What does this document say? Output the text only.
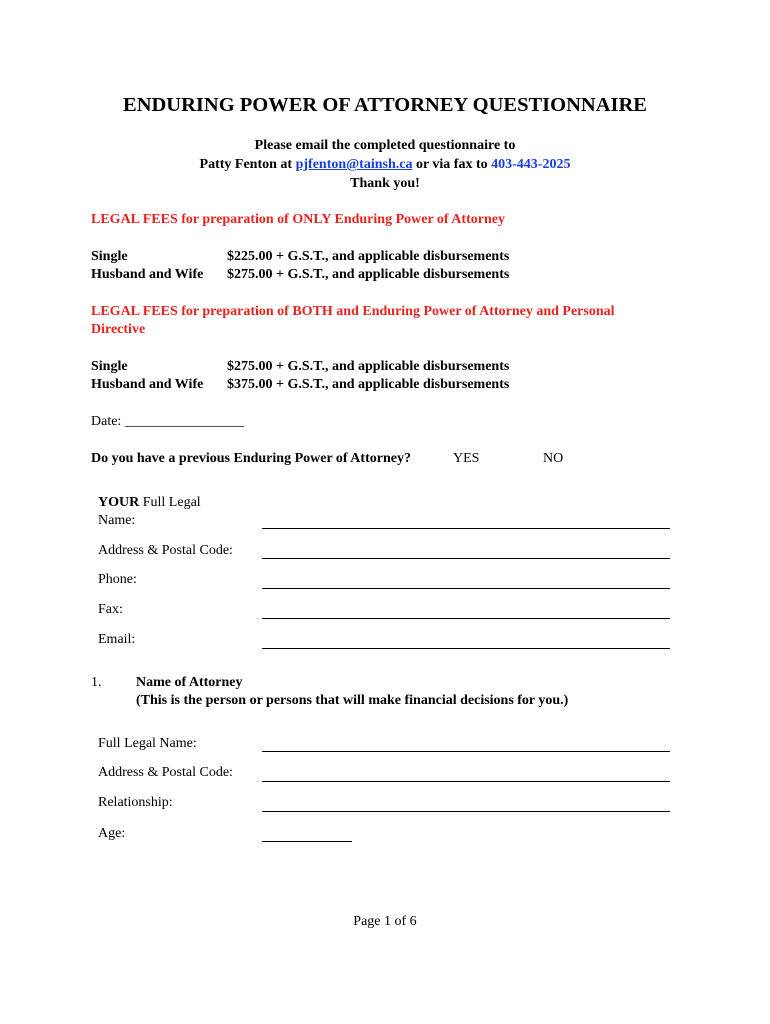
ENDURING POWER OF ATTORNEY QUESTIONNAIRE
Please email the completed questionnaire to
Patty Fenton at pjfenton@tainsh.ca or via fax to 403-443-2025
Thank you!
LEGAL FEES for preparation of ONLY Enduring Power of Attorney
Single	$225.00 + G.S.T., and applicable disbursements
Husband and Wife $275.00 + G.S.T., and applicable disbursements
LEGAL FEES for preparation of BOTH and Enduring Power of Attorney and Personal
Directive
Single	$275.00 + G.S.T., and applicable disbursements
Husband and Wife $375.00 + G.S.T., and applicable disbursements
Date: _________________
Do you have a previous Enduring Power of Attorney?	YES	NO
YOUR Full Legal
Name:
Address & Postal Code:
Phone:
Fax:
Email:
1. Name of Attorney
(This is the person or persons that will make financial decisions for you.)
Full Legal Name:
Address & Postal Code:
Relationship:
Age:
Page 1 of 6
